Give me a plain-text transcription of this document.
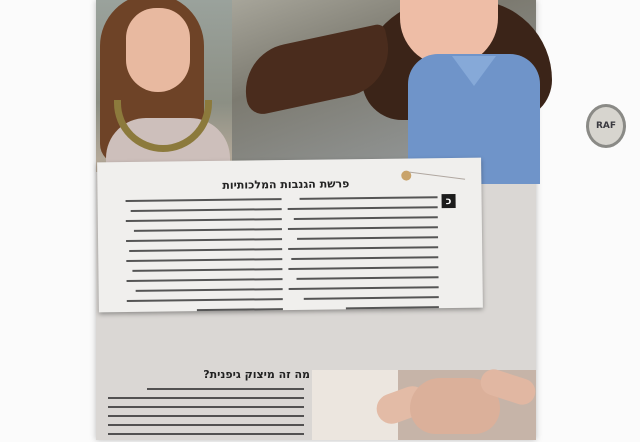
RAF
פרשת הגנבות המלכותיות
כ
מה זה מיצוק גיפנית?
